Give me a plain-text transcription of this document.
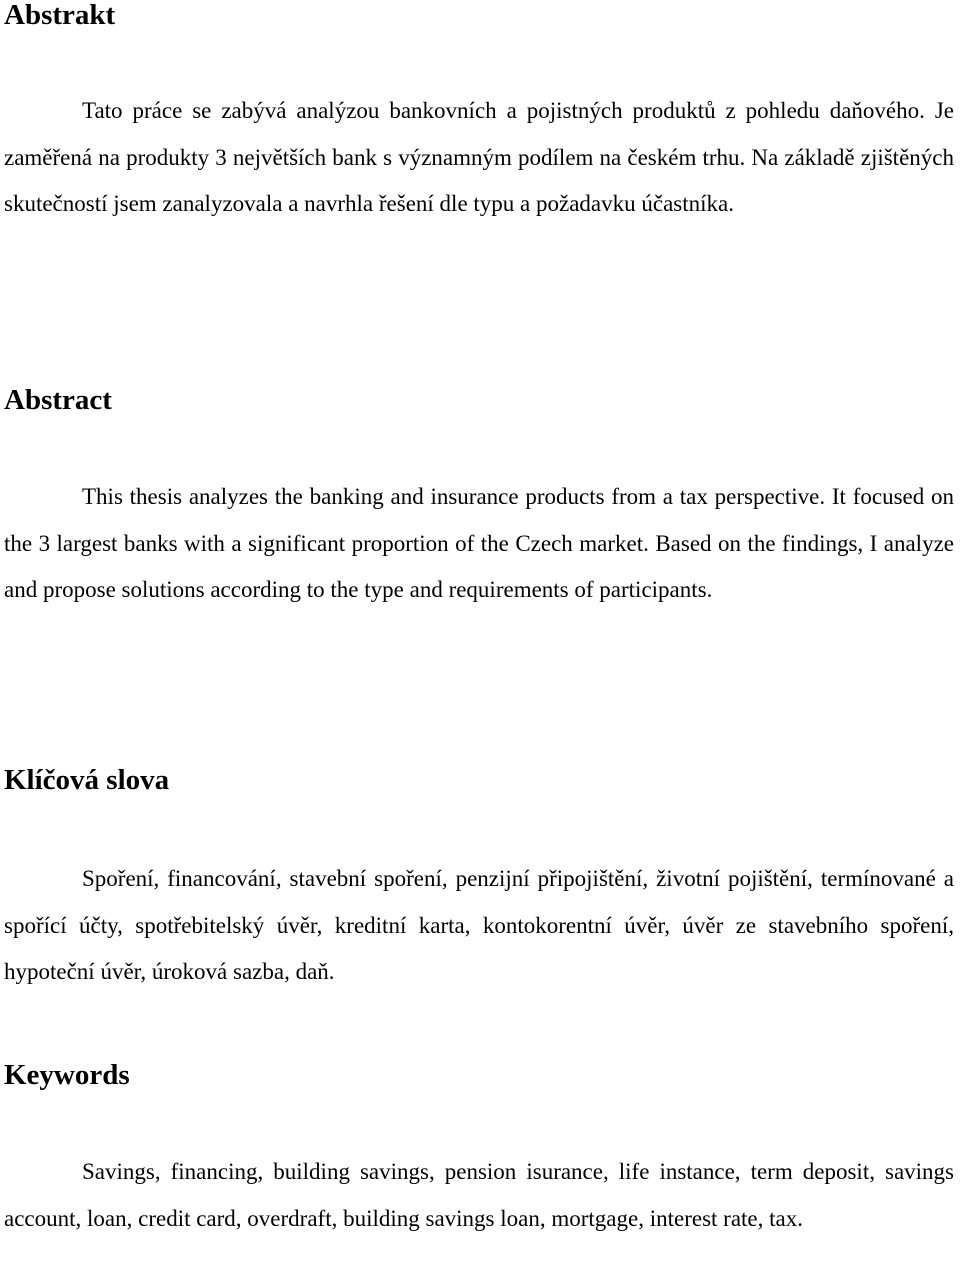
Abstrakt

Tato práce se zabývá analýzou bankovních a pojistných produktů z pohledu daňového. Je zaměřená na produkty 3 největších bank s významným podílem na českém trhu. Na základě zjištěných skutečností jsem zanalyzovala a navrhla řešení dle typu a požadavku účastníka.

Abstract

This thesis analyzes the banking and insurance products from a tax perspective. It focused on the 3 largest banks with a significant proportion of the Czech market. Based on the findings, I analyze and propose solutions according to the type and requirements of participants.

Klíčová slova

Spoření, financování, stavební spoření, penzijní připojištění, životní pojištění, termínované a spořící účty, spotřebitelský úvěr, kreditní karta, kontokorentní úvěr, úvěr ze stavebního spoření, hypoteční úvěr, úroková sazba, daň.

Keywords

Savings, financing, building savings, pension isurance, life instance, term deposit, savings account, loan, credit card, overdraft, building savings loan, mortgage, interest rate, tax.
